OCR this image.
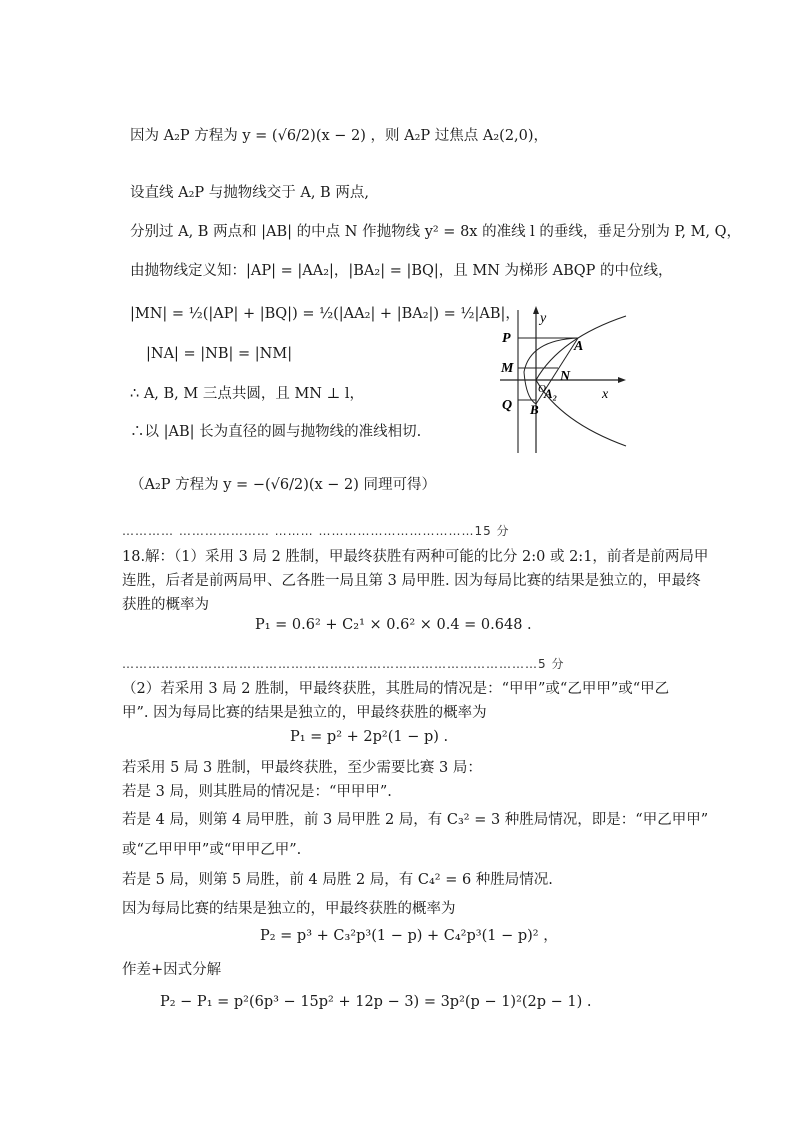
因为 A₂P 方程为 y = (√6/2)(x − 2) ，则 A₂P 过焦点 A₂(2,0)，
设直线 A₂P 与抛物线交于 A, B 两点,
分别过 A, B 两点和 |AB| 的中点 N 作抛物线 y² = 8x 的准线 l 的垂线，垂足分别为 P, M, Q，
由抛物线定义知：|AP| = |AA₂|，|BA₂| = |BQ|，且 MN 为梯形 ABQP 的中位线，
|MN| = ½(|AP| + |BQ|) = ½(|AA₂| + |BA₂|) = ½|AB|，
|NA| = |NB| = |NM|
∴ A, B, M 三点共圆，且 MN ⊥ l，
∴以 |AB| 长为直径的圆与抛物线的准线相切.
y
x
P
A
M
N
O
A₂
Q B
（A₂P 方程为 y = −(√6/2)(x − 2) 同理可得）
………… ………………… ……… ………………………………15 分
18.解：（1）采用 3 局 2 胜制，甲最终获胜有两种可能的比分 2:0 或 2:1，前者是前两局甲
连胜，后者是前两局甲、乙各胜一局且第 3 局甲胜. 因为每局比赛的结果是独立的，甲最终
获胜的概率为
P₁ = 0.6² + C₂¹ × 0.6² × 0.4 = 0.648 .
……………………………………………………………………………………5 分
（2）若采用 3 局 2 胜制，甲最终获胜，其胜局的情况是：“甲甲”或“乙甲甲”或“甲乙
甲”. 因为每局比赛的结果是独立的，甲最终获胜的概率为
P₁ = p² + 2p²(1 − p) .
若采用 5 局 3 胜制，甲最终获胜，至少需要比赛 3 局：
若是 3 局，则其胜局的情况是：“甲甲甲”.
若是 4 局，则第 4 局甲胜，前 3 局甲胜 2 局，有 C₃² = 3 种胜局情况，即是：“甲乙甲甲”
或“乙甲甲甲”或“甲甲乙甲”.
若是 5 局，则第 5 局胜，前 4 局胜 2 局，有 C₄² = 6 种胜局情况.
因为每局比赛的结果是独立的，甲最终获胜的概率为
P₂ = p³ + C₃²p³(1 − p) + C₄²p³(1 − p)² ，
作差+因式分解
P₂ − P₁ = p²(6p³ − 15p² + 12p − 3) = 3p²(p − 1)²(2p − 1) .
